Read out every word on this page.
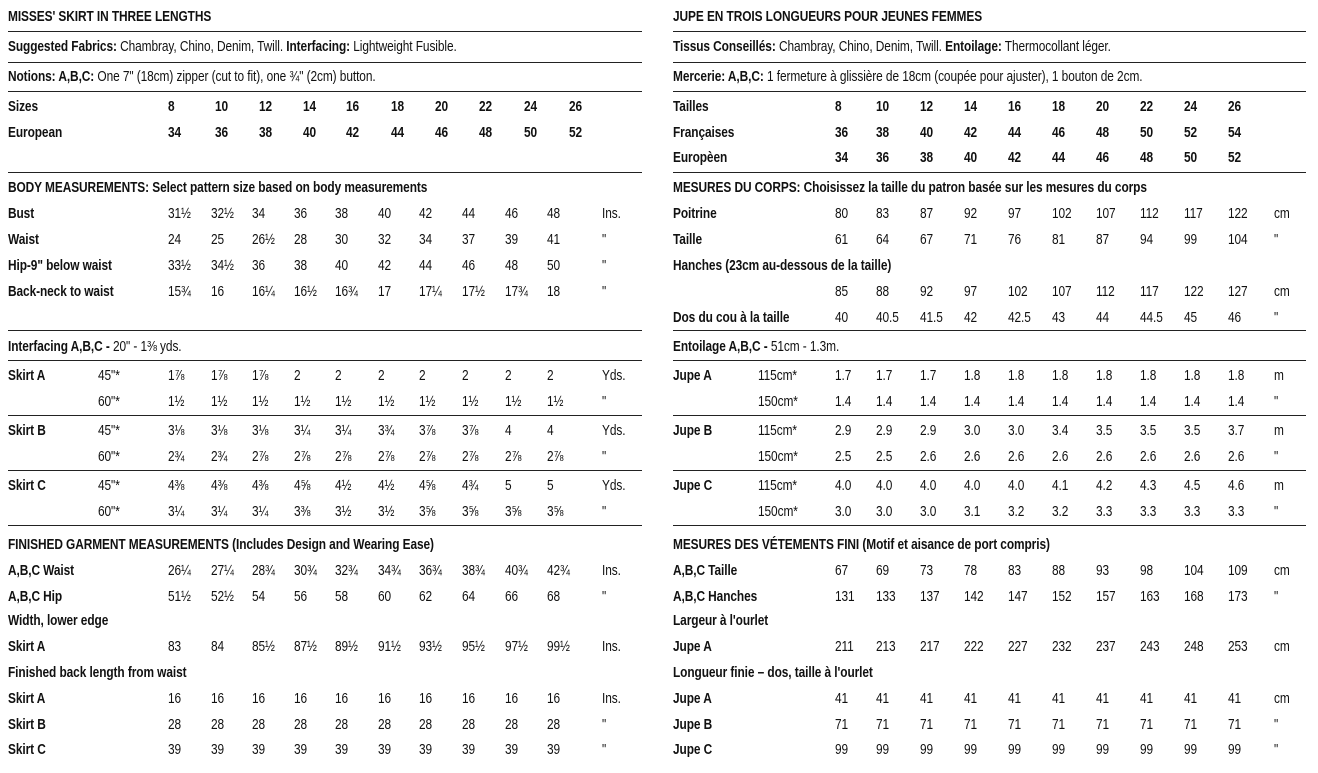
MISSES' SKIRT IN THREE LENGTHS
Suggested Fabrics: Chambray, Chino, Denim, Twill. Interfacing: Lightweight Fusible.
Notions: A,B,C: One 7" (18cm) zipper (cut to fit), one ¾" (2cm) button.
Sizes	8	10 12 14 16 18 20 22 24 26
European	34 36 38 40 42 44 46 48 50 52
BODY MEASUREMENTS: Select pattern size based on body measurements
Bust	31½ 32½ 34 36 38 40 42 44 46 48	Ins.
Waist	24 25 26½ 28 30 32 34 37 39 41	"
Hip-9" below waist	33½ 34½ 36 38 40 42 44 46 48 50	"
Back-neck to waist	15¾ 16 16¼ 16½ 16¾ 17 17¼ 17½ 17¾ 18	"
Interfacing A,B,C - 20" - 1⅜ yds.
Skirt A	45"*	1⅞ 1⅞ 1⅞ 2 2	2 2	2	2 2	Yds.
60"*	1½ 1½ 1½ 1½ 1½ 1½ 1½ 1½ 1½ 1½	"
Skirt B	45"*	3⅛ 3⅛ 3⅛ 3¼ 3¼ 3¾ 3⅞ 3⅞ 4 4	Yds.
60"*	2¾ 2¾ 2⅞ 2⅞ 2⅞ 2⅞ 2⅞ 2⅞ 2⅞ 2⅞	"
Skirt C	45"*	4⅜ 4⅜ 4⅜ 4⅝ 4½ 4½ 4⅝ 4¾ 5 5	Yds.
60"*	3¼ 3¼ 3¼ 3⅜ 3½ 3½ 3⅝ 3⅝ 3⅝ 3⅝	"
FINISHED GARMENT MEASUREMENTS (Includes Design and Wearing Ease)
A,B,C Waist	26¼ 27¼ 28¾ 30¾ 32¾ 34¾ 36¾ 38¾ 40¾ 42¾ Ins.
A,B,C Hip	51½ 52½ 54 56 58 60 62 64 66 68	"
Width, lower edge
Skirt A	83 84 85½ 87½ 89½ 91½ 93½ 95½ 97½ 99½ Ins.
Finished back length from waist
Skirt A	16 16 16 16 16 16 16 16 16 16	Ins.
Skirt B	28 28 28 28 28 28 28 28 28 28	"
Skirt C	39 39 39 39 39 39 39 39 39 39	"
JUPE EN TROIS LONGUEURS POUR JEUNES FEMMES
Tissus Conseillés: Chambray, Chino, Denim, Twill. Entoilage: Thermocollant léger.
Mercerie: A,B,C: 1 fermeture à glissière de 18cm (coupée pour ajuster), 1 bouton de 2cm.
Tailles	8 10 12 14 16 18 20 22 24 26
Françaises	36 38 40 42 44 46 48 50 52 54
Europèen	34 36 38 40 42 44 46 48 50 52
MESURES DU CORPS: Choisissez la taille du patron basée sur les mesures du corps
Poitrine	80 83 87 92 97 102 107 112 117 122 cm
Taille	61 64 67 71 76 81 87 94 99 104 "
Hanches (23cm au-dessous de la taille)
85 88 92 97 102 107 112 117 122 127 cm
Dos du cou à la taille	40 40.5 41.5 42 42.5 43 44 44.5 45 46 "
Entoilage A,B,C - 51cm - 1.3m.
Jupe A	115cm*	1.7 1.7 1.7 1.8 1.8 1.8 1.8 1.8 1.8 1.8 m
150cm*	1.4 1.4 1.4 1.4 1.4 1.4 1.4 1.4 1.4 1.4 "
Jupe B	115cm*	2.9 2.9 2.9 3.0 3.0 3.4 3.5 3.5 3.5 3.7 m
150cm*	2.5 2.5 2.6 2.6 2.6 2.6 2.6 2.6 2.6 2.6 "
Jupe C	115cm*	4.0 4.0 4.0 4.0 4.0 4.1 4.2 4.3 4.5 4.6 m
150cm*	3.0 3.0 3.0 3.1 3.2 3.2 3.3 3.3 3.3 3.3 "
MESURES DES VÉTEMENTS FINI (Motif et aisance de port compris)
A,B,C Taille	67 69 73 78 83 88 93 98 104 109 cm
A,B,C Hanches	131 133 137 142 147 152 157 163 168 173 "
Largeur à l'ourlet
Jupe A	211 213 217 222 227 232 237 243 248 253 cm
Longueur finie – dos, taille à l'ourlet
Jupe A	41 41 41 41 41 41 41 41 41 41 cm
Jupe B	71 71 71 71 71 71 71 71 71 71 "
Jupe C	99 99 99 99 99 99 99 99 99 99 "
